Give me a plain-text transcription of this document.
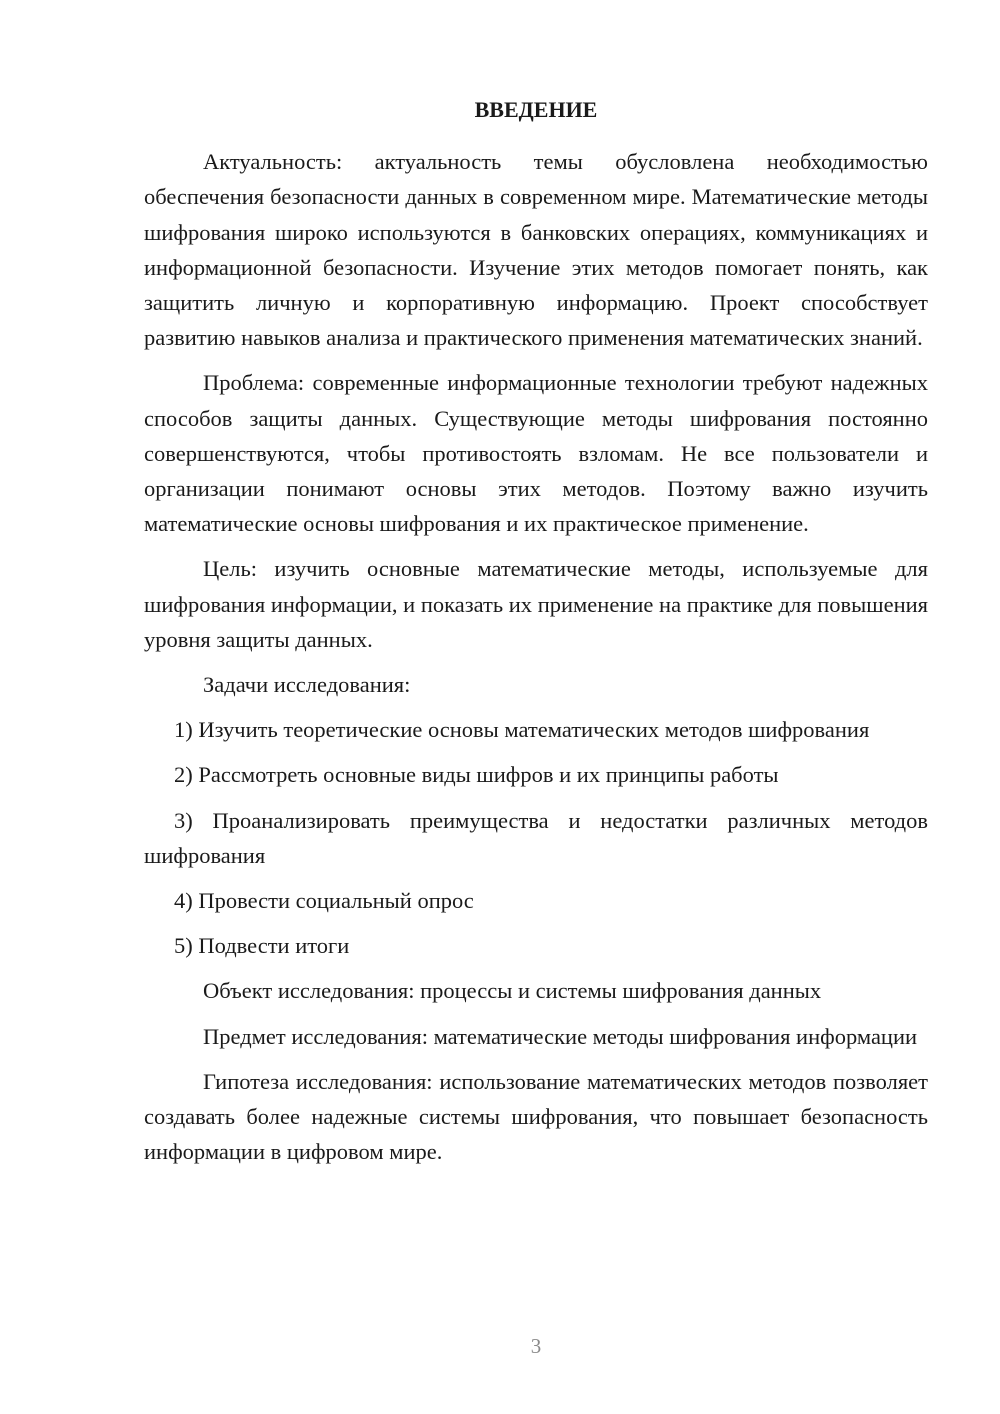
ВВЕДЕНИЕ

Актуальность: актуальность темы обусловлена необходимостью обеспечения безопасности данных в современном мире. Математические методы шифрования широко используются в банковских операциях, коммуникациях и информационной безопасности. Изучение этих методов помогает понять, как защитить личную и корпоративную информацию. Проект способствует развитию навыков анализа и практического применения математических знаний.

Проблема: современные информационные технологии требуют надежных способов защиты данных. Существующие методы шифрования постоянно совершенствуются, чтобы противостоять взломам. Не все пользователи и организации понимают основы этих методов. Поэтому важно изучить математические основы шифрования и их практическое применение.

Цель: изучить основные математические методы, используемые для шифрования информации, и показать их применение на практике для повышения уровня защиты данных.

Задачи исследования:

1) Изучить теоретические основы математических методов шифрования

2) Рассмотреть основные виды шифров и их принципы работы

3) Проанализировать преимущества и недостатки различных методов шифрования

4) Провести социальный опрос

5) Подвести итоги

Объект исследования: процессы и системы шифрования данных

Предмет исследования: математические методы шифрования информации

Гипотеза исследования: использование математических методов позволяет создавать более надежные системы шифрования, что повышает безопасность информации в цифровом мире.

3
